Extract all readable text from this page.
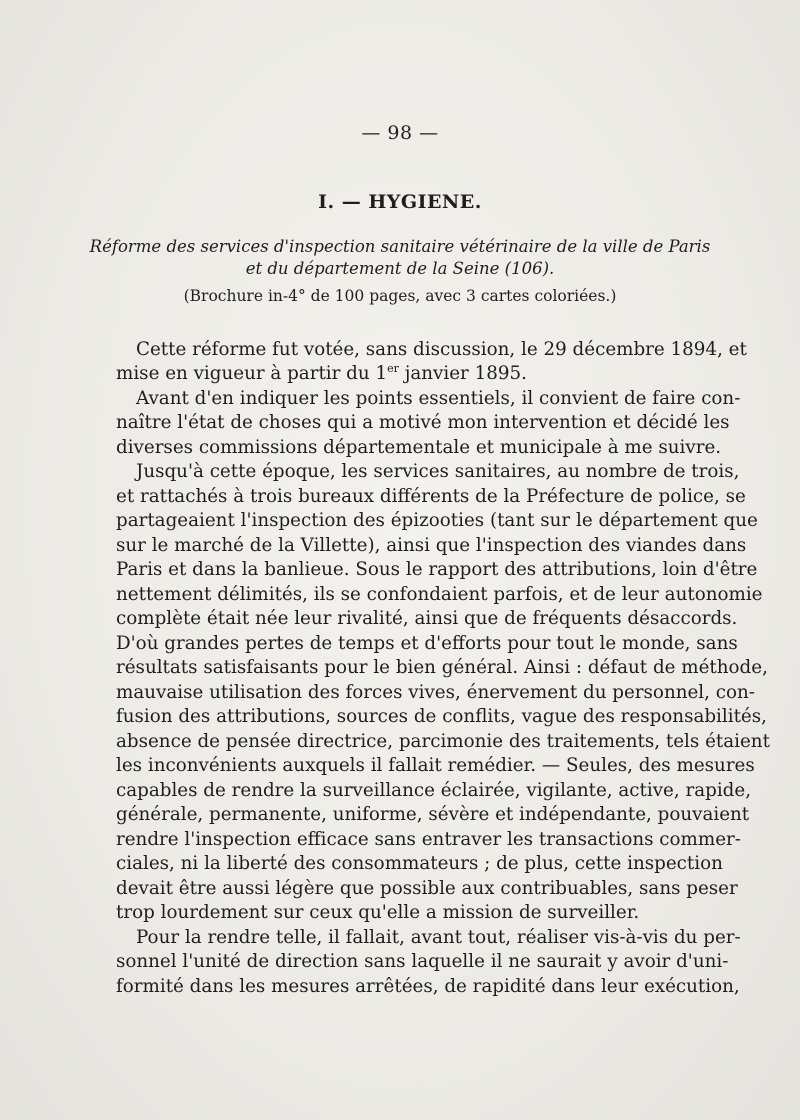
— 98 —
I. — HYGIENE.
Réforme des services d'inspection sanitaire vétérinaire de la ville de Paris
et du département de la Seine (106).
(Brochure in-4° de 100 pages, avec 3 cartes coloriées.)
Cette réforme fut votée, sans discussion, le 29 décembre 1894, et
mise en vigueur à partir du 1er janvier 1895.
Avant d'en indiquer les points essentiels, il convient de faire con-
naître l'état de choses qui a motivé mon intervention et décidé les
diverses commissions départementale et municipale à me suivre.
Jusqu'à cette époque, les services sanitaires, au nombre de trois,
et rattachés à trois bureaux différents de la Préfecture de police, se
partageaient l'inspection des épizooties (tant sur le département que
sur le marché de la Villette), ainsi que l'inspection des viandes dans
Paris et dans la banlieue. Sous le rapport des attributions, loin d'être
nettement délimités, ils se confondaient parfois, et de leur autonomie
complète était née leur rivalité, ainsi que de fréquents désaccords.
D'où grandes pertes de temps et d'efforts pour tout le monde, sans
résultats satisfaisants pour le bien général. Ainsi : défaut de méthode,
mauvaise utilisation des forces vives, énervement du personnel, con-
fusion des attributions, sources de conflits, vague des responsabilités,
absence de pensée directrice, parcimonie des traitements, tels étaient
les inconvénients auxquels il fallait remédier. — Seules, des mesures
capables de rendre la surveillance éclairée, vigilante, active, rapide,
générale, permanente, uniforme, sévère et indépendante, pouvaient
rendre l'inspection efficace sans entraver les transactions commer-
ciales, ni la liberté des consommateurs ; de plus, cette inspection
devait être aussi légère que possible aux contribuables, sans peser
trop lourdement sur ceux qu'elle a mission de surveiller.
Pour la rendre telle, il fallait, avant tout, réaliser vis-à-vis du per-
sonnel l'unité de direction sans laquelle il ne saurait y avoir d'uni-
formité dans les mesures arrêtées, de rapidité dans leur exécution,
